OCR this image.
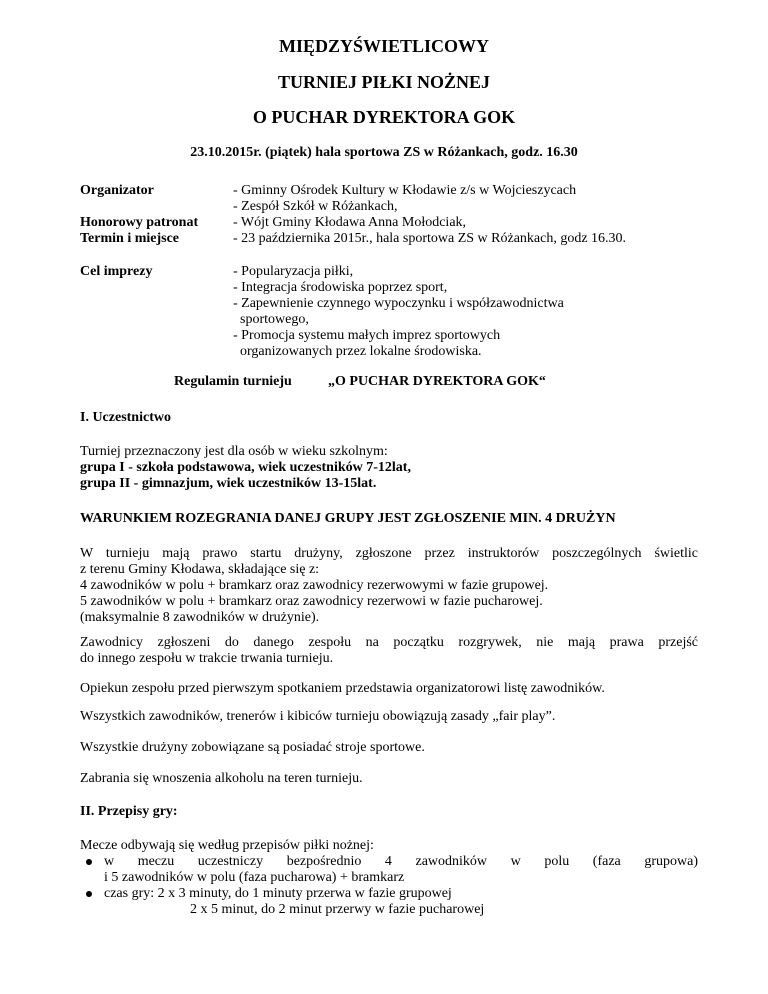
MIĘDZYŚWIETLICOWY
TURNIEJ PIŁKI NOŻNEJ
O PUCHAR DYREKTORA GOK
23.10.2015r. (piątek) hala sportowa ZS w Różankach, godz. 16.30
Organizator	- Gminny Ośrodek Kultury w Kłodawie z/s w Wojcieszycach
- Zespół Szkół w Różankach,
Honorowy patronat - Wójt Gminy Kłodawa Anna Mołodciak,
Termin i miejsce	- 23 października 2015r., hala sportowa ZS w Różankach, godz 16.30.
Cel imprezy	- Popularyzacja piłki,
- Integracja środowiska poprzez sport,
- Zapewnienie czynnego wypoczynku i współzawodnictwa
sportowego,
- Promocja systemu małych imprez sportowych
organizowanych przez lokalne środowiska.
Regulamin turnieju	„O PUCHAR DYREKTORA GOK“
I. Uczestnictwo
Turniej przeznaczony jest dla osób w wieku szkolnym:
grupa I - szkoła podstawowa, wiek uczestników 7-12lat,
grupa II - gimnazjum, wiek uczestników 13-15lat.
WARUNKIEM ROZEGRANIA DANEJ GRUPY JEST ZGŁOSZENIE MIN. 4 DRUŻYN
W turnieju mają prawo startu drużyny, zgłoszone przez instruktorów poszczególnych świetlic
z terenu Gminy Kłodawa, składające się z:
4 zawodników w polu + bramkarz oraz zawodnicy rezerwowymi w fazie grupowej.
5 zawodników w polu + bramkarz oraz zawodnicy rezerwowi w fazie pucharowej.
(maksymalnie 8 zawodników w drużynie).
Zawodnicy zgłoszeni do danego zespołu na początku rozgrywek, nie mają prawa przejść
do innego zespołu w trakcie trwania turnieju.
Opiekun zespołu przed pierwszym spotkaniem przedstawia organizatorowi listę zawodników.
Wszystkich zawodników, trenerów i kibiców turnieju obowiązują zasady „fair play”.
Wszystkie drużyny zobowiązane są posiadać stroje sportowe.
Zabrania się wnoszenia alkoholu na teren turnieju.
II. Przepisy gry:
Mecze odbywają się według przepisów piłki nożnej:
w meczu uczestniczy bezpośrednio 4 zawodników w polu (faza grupowa)
i 5 zawodników w polu (faza pucharowa) + bramkarz
czas gry: 2 x 3 minuty, do 1 minuty przerwa w fazie grupowej
2 x 5 minut, do 2 minut przerwy w fazie pucharowej
